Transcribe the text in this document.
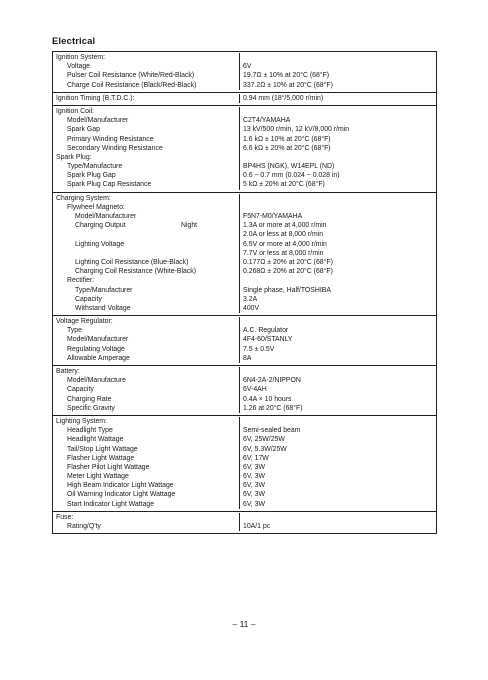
Electrical
Ignition System:
Voltage	6V
Pulser Coil Resistance (White/Red-Black)	19.7Ω ± 10% at 20°C (68°F)
Charge Coil Resistance (Black/Red-Black)	337.2Ω ± 10% at 20°C (68°F)
Ignition Timing (B.T.D.C.):	0.94 mm (18°/5,000 r/min)
Ignition Coil:
Model/Manufacturer	C2T4/YAMAHA
Spark Gap	13 kV/500 r/min, 12 kV/8,000 r/min
Primary Winding Resistance	1.6 kΩ ± 10% at 20°C (68°F)
Secondary Winding Resistance	6.6 kΩ ± 20% at 20°C (68°F)
Spark Plug:
Type/Manufacture	BP4HS (NGK), W14EPL (ND)
Spark Plug Gap	0.6 ~ 0.7 mm (0.024 ~ 0.028 in)
Spark Plug Cap Resistance	5 kΩ ± 20% at 20°C (68°F)
Charging System:
Flywheel Magneto:
Model/Manufacturer	F5N7-M0/YAMAHA
Charging Output	Night	1.3A or more at 4,000 r/min
2.0A or less at 8,000 r/min
Lighting Voltage	6.5V or more at 4,000 r/min
7.7V or less at 8,000 r/min
Lighting Coil Resistance (Blue-Black)	0.177Ω ± 20% at 20°C (68°F)
Charging Coil Resistance (White-Black)	0.268Ω ± 20% at 20°C (68°F)
Rectifier:
Type/Manufacturer	Single phase, Half/TOSHIBA
Capacity	3.2A
Withstand Voltage	400V
Voltage Regulator:
Type	A.C. Regulator
Model/Manufacturer	4F4-60/STANLY
Regulating Voltage	7.5 ± 0.5V
Allowable Amperage	8A
Battery:
Model/Manufacture	6N4-2A-2/NIPPON
Capacity	6V-4AH
Charging Rate	0.4A × 10 hours
Specific Gravity	1.26 at 20°C (68°F)
Lighting System:
Headlight Type	Semi-sealed beam
Headlight Wattage	6V, 25W/25W
Tail/Stop Light Wattage	6V, 5.3W/25W
Flasher Light Wattage	6V, 17W
Flasher Pilot Light Wattage	6V, 3W
Meter Light Wattage	6V, 3W
High Beam Indicator Light Wattage	6V, 3W
Oil Warning Indicator Light Wattage	6V, 3W
Start Indicator Light Wattage	6V, 3W
Fuse:
Rating/Q'ty	10A/1 pc
– 11 –
